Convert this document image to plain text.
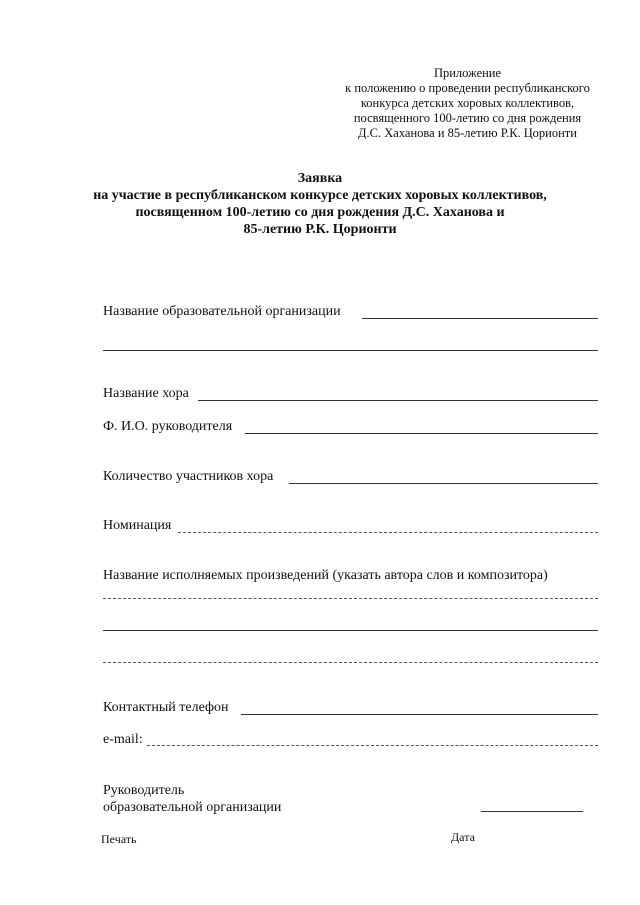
Приложение
к положению о проведении республиканского
конкурса детских хоровых коллективов,
посвященного 100-летию со дня рождения
Д.С. Хаханова и 85-летию Р.К. Цорионти
Заявка
на участие в республиканском конкурсе детских хоровых коллективов,
посвященном 100-летию со дня рождения Д.С. Хаханова и
85-летию Р.К. Цорионти
Название образовательной организации
Название хора
Ф. И.О. руководителя
Количество участников хора
Номинация
Название исполняемых произведений (указать автора слов и композитора)
Контактный телефон
e-mail:
Руководитель
образовательной организации
Печать	Дата
